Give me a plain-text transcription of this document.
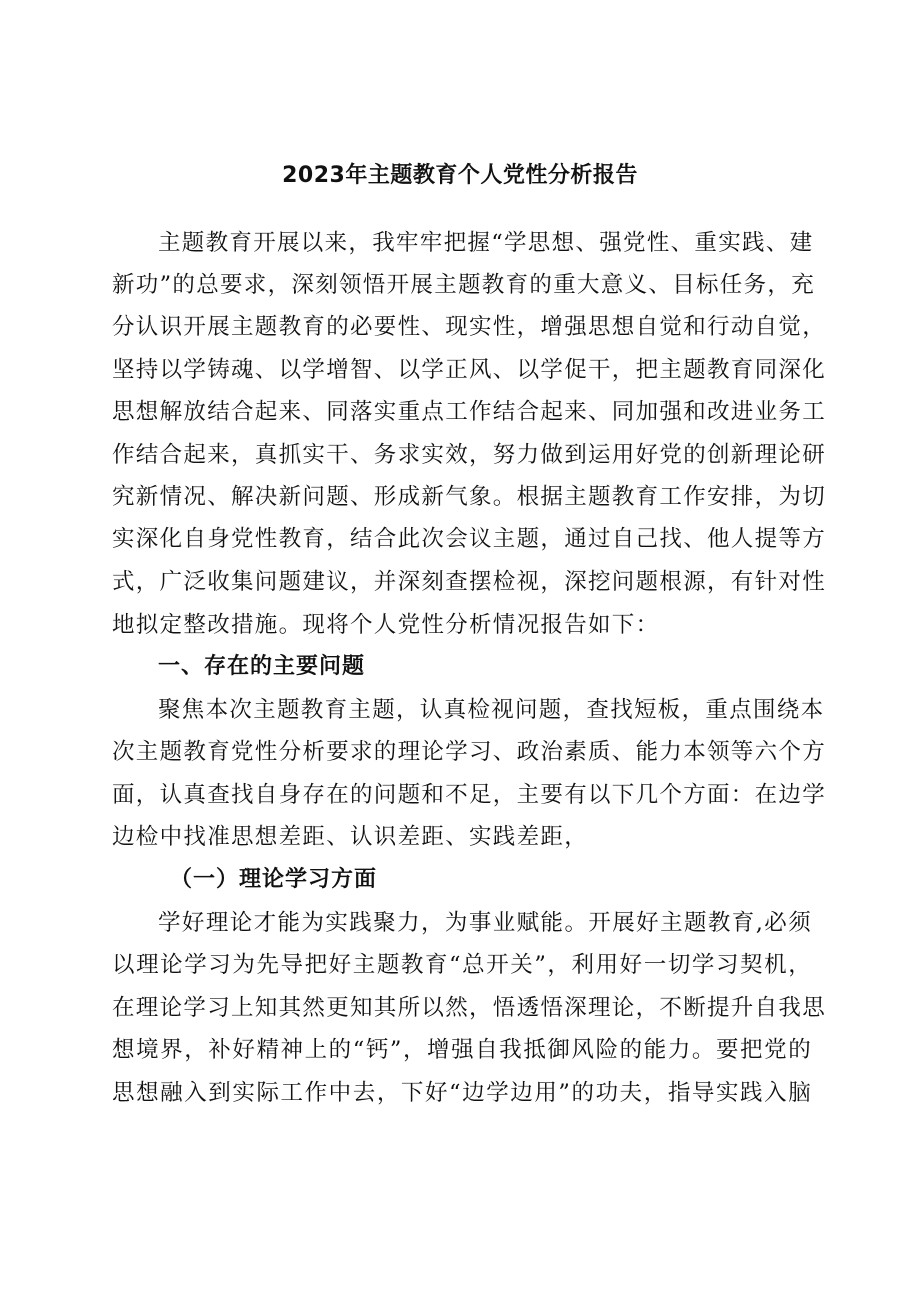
2023年主题教育个人党性分析报告

主题教育开展以来，我牢牢把握“学思想、强党性、重实践、建

新功”的总要求，深刻领悟开展主题教育的重大意义、目标任务，充

分认识开展主题教育的必要性、现实性，增强思想自觉和行动自觉，

坚持以学铸魂、以学增智、以学正风、以学促干，把主题教育同深化

思想解放结合起来、同落实重点工作结合起来、同加强和改进业务工

作结合起来，真抓实干、务求实效，努力做到运用好党的创新理论研

究新情况、解决新问题、形成新气象。根据主题教育工作安排，为切

实深化自身党性教育，结合此次会议主题，通过自己找、他人提等方

式，广泛收集问题建议，并深刻查摆检视，深挖问题根源，有针对性

地拟定整改措施。现将个人党性分析情况报告如下：

一、存在的主要问题

聚焦本次主题教育主题，认真检视问题，查找短板，重点围绕本

次主题教育党性分析要求的理论学习、政治素质、能力本领等六个方

面，认真查找自身存在的问题和不足，主要有以下几个方面：在边学

边检中找准思想差距、认识差距、实践差距，

（一）理论学习方面

学好理论才能为实践聚力，为事业赋能。开展好主题教育,必须

以理论学习为先导把好主题教育“总开关”，利用好一切学习契机，

在理论学习上知其然更知其所以然，悟透悟深理论，不断提升自我思

想境界，补好精神上的“钙”，增强自我抵御风险的能力。要把党的

思想融入到实际工作中去，下好“边学边用”的功夫，指导实践入脑
